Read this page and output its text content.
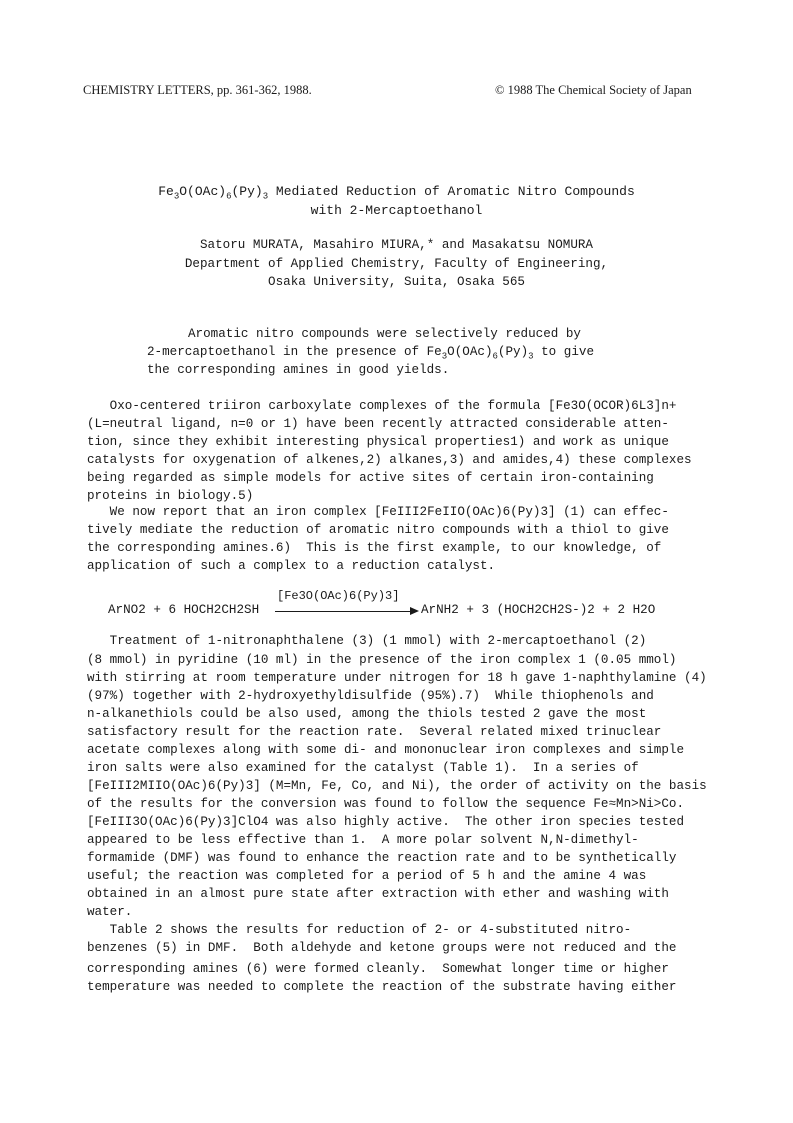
CHEMISTRY LETTERS, pp. 361-362, 1988.	© 1988 The Chemical Society of Japan
$Fe_3O(OAc)_6(Py)_3$ Mediated Reduction of Aromatic Nitro Compounds
with 2-Mercaptoethanol
Satoru MURATA, Masahiro MIURA,* and Masakatsu NOMURA
Department of Applied Chemistry, Faculty of Engineering,
Osaka University, Suita, Osaka 565
Aromatic nitro compounds were selectively reduced by
2-mercaptoethanol in the presence of $Fe_3O(OAc)_6(Py)_3$ to give
the corresponding amines in good yields.
Oxo-centered triiron carboxylate complexes of the formula [Fe3O(OCOR)6L3]n+
(L=neutral ligand, n=0 or 1) have been recently attracted considerable atten-
tion, since they exhibit interesting physical properties1) and work as unique
catalysts for oxygenation of alkenes,2) alkanes,3) and amides,4) these complexes
being regarded as simple models for active sites of certain iron-containing
proteins in biology.5)
We now report that an iron complex [FeIII2FeIIO(OAc)6(Py)3] (1) can effec-
tively mediate the reduction of aromatic nitro compounds with a thiol to give
the corresponding amines.6)  This is the first example, to our knowledge, of
application of such a complex to a reduction catalyst.
ArNO2 + 6 HOCH2CH2SH
[Fe3O(OAc)6(Py)3]
ArNH2 + 3 (HOCH2CH2S-)2 + 2 H2O
Treatment of 1-nitronaphthalene (3) (1 mmol) with 2-mercaptoethanol (2)
(8 mmol) in pyridine (10 ml) in the presence of the iron complex 1 (0.05 mmol)
with stirring at room temperature under nitrogen for 18 h gave 1-naphthylamine (4)
(97%) together with 2-hydroxyethyldisulfide (95%).7)  While thiophenols and
n-alkanethiols could be also used, among the thiols tested 2 gave the most
satisfactory result for the reaction rate.  Several related mixed trinuclear
acetate complexes along with some di- and mononuclear iron complexes and simple
iron salts were also examined for the catalyst (Table 1).  In a series of
[FeIII2MIIO(OAc)6(Py)3] (M=Mn, Fe, Co, and Ni), the order of activity on the basis
of the results for the conversion was found to follow the sequence Fe≈Mn>Ni>Co.
[FeIII3O(OAc)6(Py)3]ClO4 was also highly active.  The other iron species tested
appeared to be less effective than 1.  A more polar solvent N,N-dimethyl-
formamide (DMF) was found to enhance the reaction rate and to be synthetically
useful; the reaction was completed for a period of 5 h and the amine 4 was
obtained in an almost pure state after extraction with ether and washing with
water.
Table 2 shows the results for reduction of 2- or 4-substituted nitro-
benzenes (5) in DMF.  Both aldehyde and ketone groups were not reduced and the
corresponding amines (6) were formed cleanly.  Somewhat longer time or higher
temperature was needed to complete the reaction of the substrate having either
